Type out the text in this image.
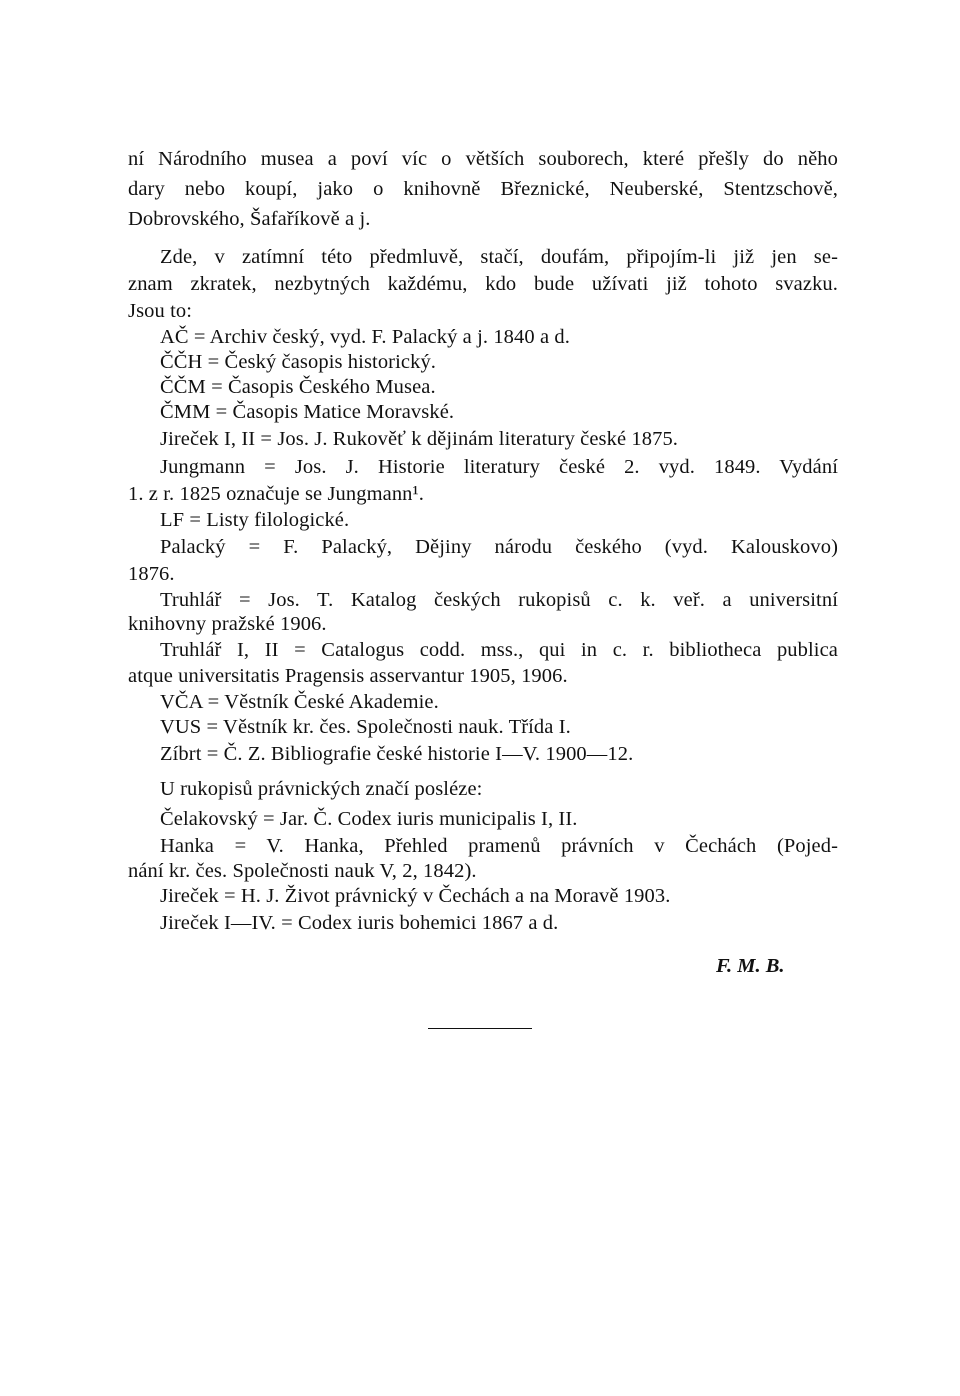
ní Národního musea a poví víc o větších souborech, které přešly do něho
dary nebo koupí, jako o knihovně Březnické, Neuberské, Stentzschově,
Dobrovského, Šafaříkově a j.
Zde, v zatímní této předmluvě, stačí, doufám, připojím-li již jen se-
znam zkratek, nezbytných každému, kdo bude užívati již tohoto svazku.
Jsou to:
AČ = Archiv český, vyd. F. Palacký a j. 1840 a d.
ČČH = Český časopis historický.
ČČM = Časopis Českého Musea.
ČMM = Časopis Matice Moravské.
Jireček I, II = Jos. J. Rukověť k dějinám literatury české 1875.
Jungmann = Jos. J. Historie literatury české 2. vyd. 1849. Vydání
1. z r. 1825 označuje se Jungmann¹.
LF = Listy filologické.
Palacký = F. Palacký, Dějiny národu českého (vyd. Kalouskovo)
1876.
Truhlář = Jos. T. Katalog českých rukopisů c. k. veř. a universitní
knihovny pražské 1906.
Truhlář I, II = Catalogus codd. mss., qui in c. r. bibliotheca publica
atque universitatis Pragensis asservantur 1905, 1906.
VČA = Věstník České Akademie.
VUS = Věstník kr. čes. Společnosti nauk. Třída I.
Zíbrt = Č. Z. Bibliografie české historie I—V. 1900—12.
U rukopisů právnických značí posléze:
Čelakovský = Jar. Č. Codex iuris municipalis I, II.
Hanka = V. Hanka, Přehled pramenů právních v Čechách (Pojed-
nání kr. čes. Společnosti nauk V, 2, 1842).
Jireček = H. J. Život právnický v Čechách a na Moravě 1903.
Jireček I—IV. = Codex iuris bohemici 1867 a d.
F. M. B.
